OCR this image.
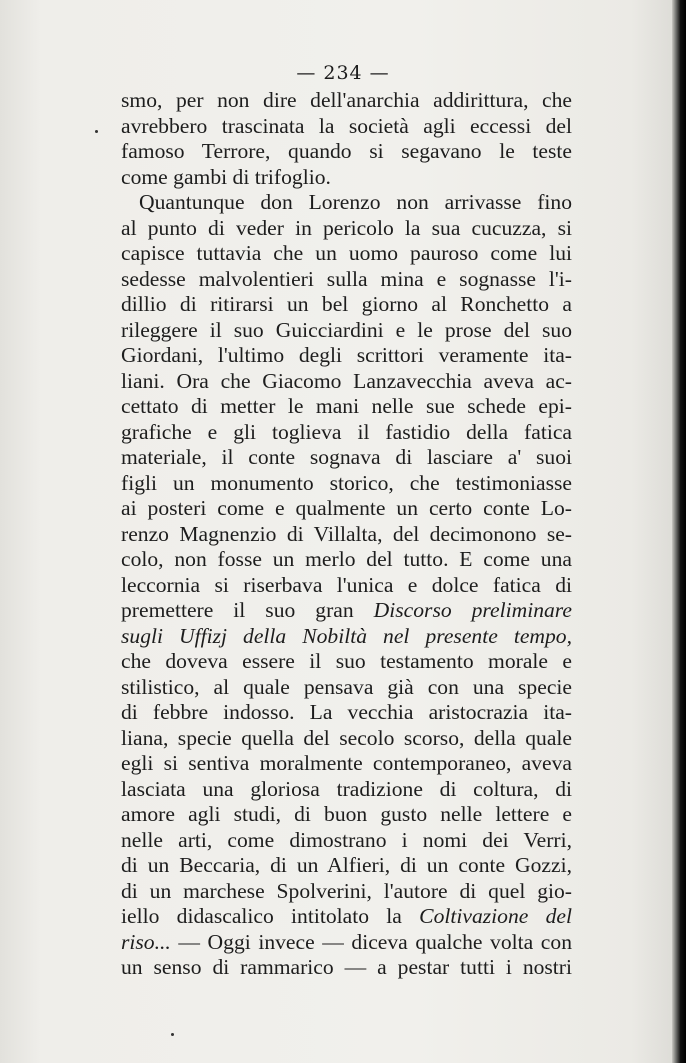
— 234 —
smo, per non dire dell'anarchia addirittura, che
avrebbero trascinata la società agli eccessi del
famoso Terrore, quando si segavano le teste
come gambi di trifoglio.
Quantunque don Lorenzo non arrivasse fino
al punto di veder in pericolo la sua cucuzza, si
capisce tuttavia che un uomo pauroso come lui
sedesse malvolentieri sulla mina e sognasse l'i-
dillio di ritirarsi un bel giorno al Ronchetto a
rileggere il suo Guicciardini e le prose del suo
Giordani, l'ultimo degli scrittori veramente ita-
liani. Ora che Giacomo Lanzavecchia aveva ac-
cettato di metter le mani nelle sue schede epi-
grafiche e gli toglieva il fastidio della fatica
materiale, il conte sognava di lasciare a' suoi
figli un monumento storico, che testimoniasse
ai posteri come e qualmente un certo conte Lo-
renzo Magnenzio di Villalta, del decimonono se-
colo, non fosse un merlo del tutto. E come una
leccornia si riserbava l'unica e dolce fatica di
premettere il suo gran Discorso preliminare
sugli Uffizj della Nobiltà nel presente tempo,
che doveva essere il suo testamento morale e
stilistico, al quale pensava già con una specie
di febbre indosso. La vecchia aristocrazia ita-
liana, specie quella del secolo scorso, della quale
egli si sentiva moralmente contemporaneo, aveva
lasciata una gloriosa tradizione di coltura, di
amore agli studi, di buon gusto nelle lettere e
nelle arti, come dimostrano i nomi dei Verri,
di un Beccaria, di un Alfieri, di un conte Gozzi,
di un marchese Spolverini, l'autore di quel gio-
iello didascalico intitolato la Coltivazione del
riso... — Oggi invece — diceva qualche volta con
un senso di rammarico — a pestar tutti i nostri
